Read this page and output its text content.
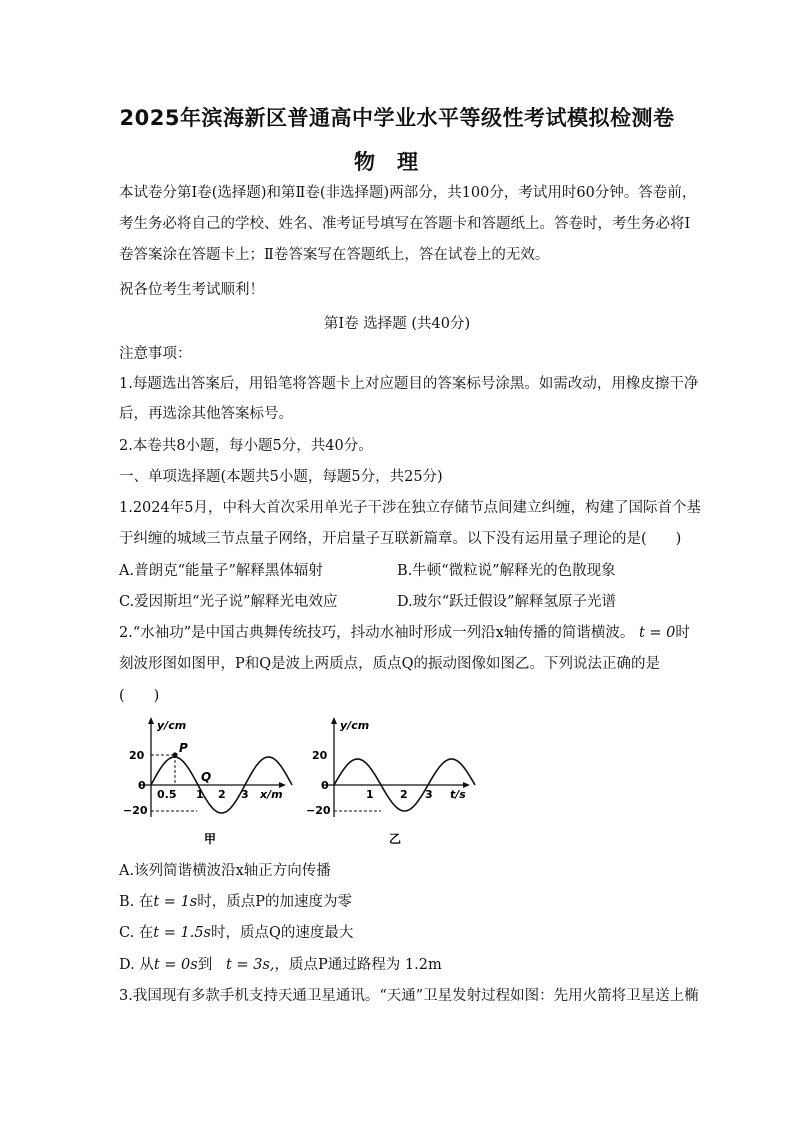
2025年滨海新区普通高中学业水平等级性考试模拟检测卷
物理
本试卷分第Ⅰ卷(选择题)和第Ⅱ卷(非选择题)两部分，共100分，考试用时60分钟。答卷前，
考生务必将自己的学校、姓名、准考证号填写在答题卡和答题纸上。答卷时，考生务必将Ⅰ
卷答案涂在答题卡上；Ⅱ卷答案写在答题纸上，答在试卷上的无效。
祝各位考生考试顺利！
第Ⅰ卷 选择题 (共40分)
注意事项：
1.每题选出答案后，用铅笔将答题卡上对应题目的答案标号涂黑。如需改动，用橡皮擦干净
后，再选涂其他答案标号。
2.本卷共8小题，每小题5分，共40分。
一、单项选择题(本题共5小题，每题5分，共25分)
1.2024年5月，中科大首次采用单光子干涉在独立存储节点间建立纠缠，构建了国际首个基
于纠缠的城域三节点量子网络，开启量子互联新篇章。以下没有运用量子理论的是(　　)
A.普朗克“能量子”解释黑体辐射	B.牛顿“微粒说”解释光的色散现象
C.爱因斯坦“光子说”解释光电效应	D.玻尔“跃迁假设”解释氢原子光谱
2.“水袖功”是中国古典舞传统技巧，抖动水袖时形成一列沿x轴传播的简谐横波。 t = 0时
刻波形图如图甲，P和Q是波上两质点，质点Q的振动图像如图乙。下列说法正确的是
(　　)
y/cm
x/m
20
0
−20
P
Q
0.5 1 2 3
甲
y/cm
t/s
20
0
−20
1 2 3
乙
A.该列简谐横波沿x轴正方向传播
B. 在t = 1s时，质点P的加速度为零
C. 在t = 1.5s时，质点Q的速度最大
D. 从t = 0s到 t = 3s,，质点P通过路程为 1.2m
3.我国现有多款手机支持天通卫星通讯。“天通”卫星发射过程如图：先用火箭将卫星送上椭
